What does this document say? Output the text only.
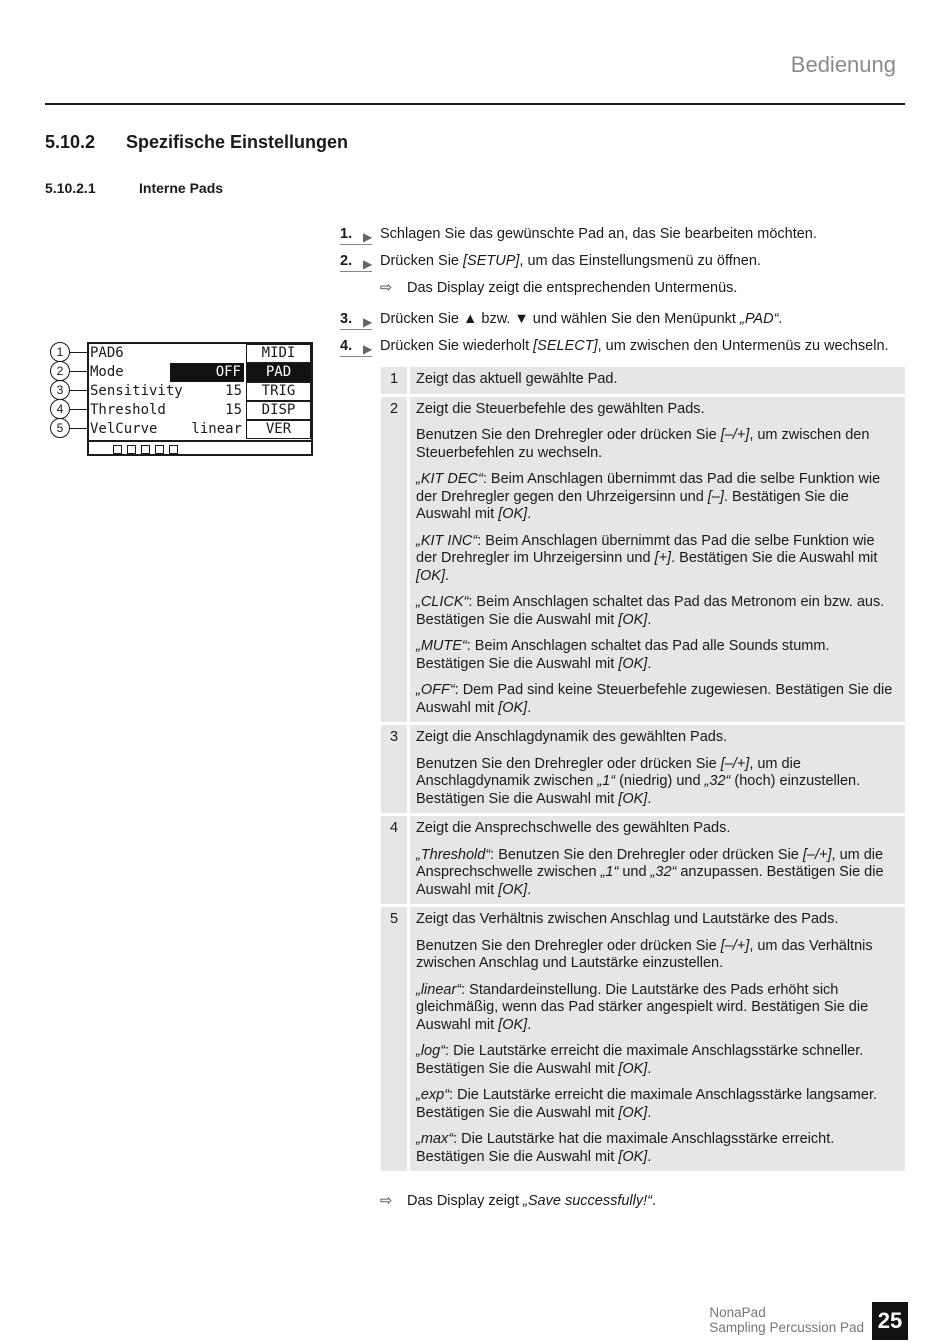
Bedienung
5.10.2 Spezifische Einstellungen
5.10.2.1	Interne Pads
1
2
3
4
5
PAD6	MIDI
Mode	OFF	PAD
Sensitivity	15	TRIG
Threshold	15	DISP
VelCurve linear	VER
1. ▶ Schlagen Sie das gewünschte Pad an, das Sie bearbeiten möchten.
2. ▶ Drücken Sie [SETUP], um das Einstellungsmenü zu öffnen.
⇨ Das Display zeigt die entsprechenden Untermenüs.
3. ▶ Drücken Sie ▲ bzw. ▼ und wählen Sie den Menüpunkt „PAD“.
4. ▶ Drücken Sie wiederholt [SELECT], um zwischen den Untermenüs zu wechseln.
1	Zeigt das aktuell gewählte Pad.

2	Zeigt die Steuerbefehle des gewählten Pads.

Benutzen Sie den Drehregler oder drücken Sie [–/+], um zwischen den Steuerbefehlen zu wechseln.

„KIT DEC“: Beim Anschlagen übernimmt das Pad die selbe Funktion wie der Drehregler gegen den Uhrzeigersinn und [–]. Bestätigen Sie die Auswahl mit [OK].

„KIT INC“: Beim Anschlagen übernimmt das Pad die selbe Funktion wie der Drehregler im Uhrzeigersinn und [+]. Bestätigen Sie die Auswahl mit [OK].

„CLICK“: Beim Anschlagen schaltet das Pad das Metronom ein bzw. aus. Bestätigen Sie die Auswahl mit [OK].

„MUTE“: Beim Anschlagen schaltet das Pad alle Sounds stumm. Bestätigen Sie die Auswahl mit [OK].

„OFF“: Dem Pad sind keine Steuerbefehle zugewiesen. Bestätigen Sie die Auswahl mit [OK].

3	Zeigt die Anschlagdynamik des gewählten Pads.

Benutzen Sie den Drehregler oder drücken Sie [–/+], um die Anschlagdynamik zwischen „1“ (niedrig) und „32“ (hoch) einzustellen. Bestätigen Sie die Auswahl mit [OK].

4	Zeigt die Ansprechschwelle des gewählten Pads.

„Threshold“: Benutzen Sie den Drehregler oder drücken Sie [–/+], um die Ansprechschwelle zwischen „1“ und „32“ anzupassen. Bestätigen Sie die Auswahl mit [OK].

5	Zeigt das Verhältnis zwischen Anschlag und Lautstärke des Pads.

Benutzen Sie den Drehregler oder drücken Sie [–/+], um das Verhältnis zwischen Anschlag und Lautstärke einzustellen.

„linear“: Standardeinstellung. Die Lautstärke des Pads erhöht sich gleichmäßig, wenn das Pad stärker angespielt wird. Bestätigen Sie die Auswahl mit [OK].

„log“: Die Lautstärke erreicht die maximale Anschlagsstärke schneller. Bestätigen Sie die Auswahl mit [OK].

„exp“: Die Lautstärke erreicht die maximale Anschlagsstärke langsamer. Bestätigen Sie die Auswahl mit [OK].

„max“: Die Lautstärke hat die maximale Anschlagsstärke erreicht. Bestätigen Sie die Auswahl mit [OK].

⇨ Das Display zeigt „Save successfully!“.
NonaPad
Sampling Percussion Pad 25
